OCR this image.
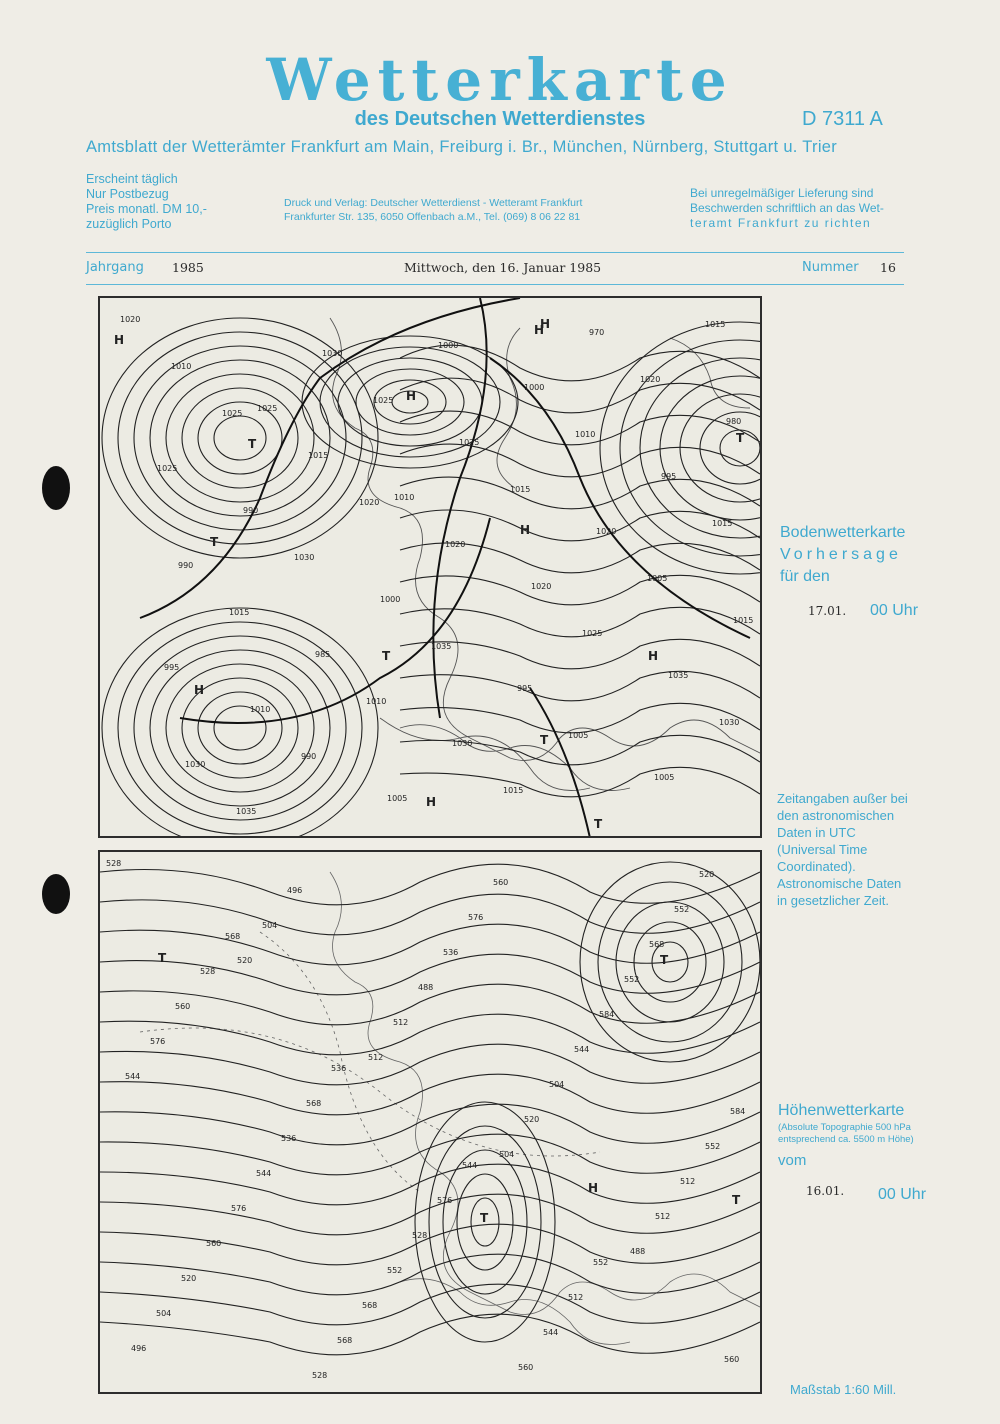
Wetterkarte
des Deutschen Wetterdienstes	D 7311 A
Amtsblatt der Wetterämter Frankfurt am Main, Freiburg i. Br., München, Nürnberg, Stuttgart u. Trier
Erscheint täglich
Nur Postbezug
Preis monatl. DM 10,-
zuzüglich Porto
Druck und Verlag: Deutscher Wetterdienst - Wetteramt Frankfurt
Frankfurter Str. 135, 6050 Offenbach a.M., Tel. (069) 8 06 22 81
Bei unregelmäßiger Lieferung sind
Beschwerden schriftlich an das Wet-
teramt Frankfurt zu richten
Jahrgang 1985	Mittwoch, den 16. Januar 1985	Nummer 16
1020
1025
1010
1020
1035
1030
1030
1025
1020
1015
1010
1005
1000
995
990
985
1030
970
980
990
1000
995
1005
1010
1015
1020
1025
1030
1035
1025
1015
1005
995
990
1000
1010
1015
1015
1010
1015
1020
1025
1030
1035
1005
1015
1025
1020
H
T
H
H
T
T
H
H
T
H
H
T
H
T
Bodenwetterkarte
Vorhersage
für den
17.01. 00 Uhr
Zeitangaben außer bei
den astronomischen
Daten in UTC
(Universal Time
Coordinated).
Astronomische Daten
in gesetzlicher Zeit.
528
520
512
504
488
496
504
512
520
512
504
496
488
504
512
520
528
536
544
552
560
568
576
584
584
576
568
560
552
544
544
552
560
568
576
536
528
544
552
560
568
576
512
520
528
536
544
552
560
568
T	T
T
H
T
Höhenwetterkarte
(Absolute Topographie 500 hPa
entsprechend ca. 5500 m Höhe)
vom
16.01. 00 Uhr
Maßstab 1:60 Mill.
